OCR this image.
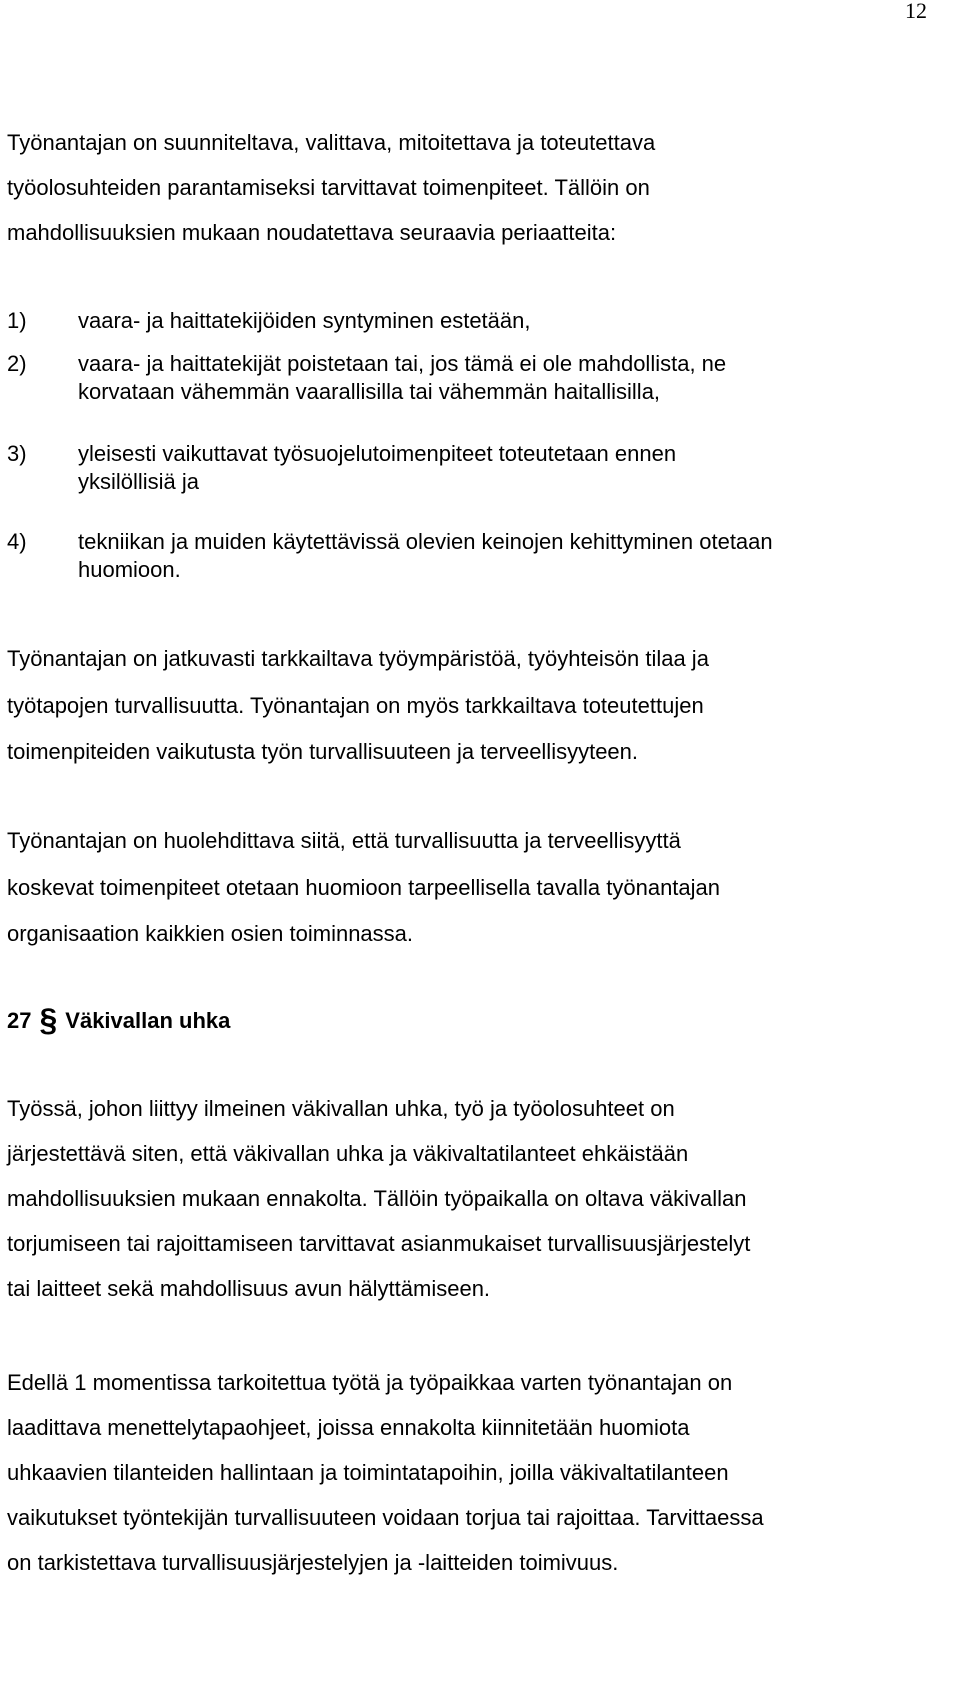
12
Työnantajan on suunniteltava, valittava, mitoitettava ja toteutettava
työolosuhteiden parantamiseksi tarvittavat toimenpiteet. Tällöin on
mahdollisuuksien mukaan noudatettava seuraavia periaatteita:
1) vaara- ja haittatekijöiden syntyminen estetään,
2) vaara- ja haittatekijät poistetaan tai, jos tämä ei ole mahdollista, ne
korvataan vähemmän vaarallisilla tai vähemmän haitallisilla,
3) yleisesti vaikuttavat työsuojelutoimenpiteet toteutetaan ennen
yksilöllisiä ja
4) tekniikan ja muiden käytettävissä olevien keinojen kehittyminen otetaan
huomioon.
Työnantajan on jatkuvasti tarkkailtava työympäristöä, työyhteisön tilaa ja
työtapojen turvallisuutta. Työnantajan on myös tarkkailtava toteutettujen
toimenpiteiden vaikutusta työn turvallisuuteen ja terveellisyyteen.
Työnantajan on huolehdittava siitä, että turvallisuutta ja terveellisyyttä
koskevat toimenpiteet otetaan huomioon tarpeellisella tavalla työnantajan
organisaation kaikkien osien toiminnassa.
27 § Väkivallan uhka
Työssä, johon liittyy ilmeinen väkivallan uhka, työ ja työolosuhteet on
järjestettävä siten, että väkivallan uhka ja väkivaltatilanteet ehkäistään
mahdollisuuksien mukaan ennakolta. Tällöin työpaikalla on oltava väkivallan
torjumiseen tai rajoittamiseen tarvittavat asianmukaiset turvallisuusjärjestelyt
tai laitteet sekä mahdollisuus avun hälyttämiseen.
Edellä 1 momentissa tarkoitettua työtä ja työpaikkaa varten työnantajan on
laadittava menettelytapaohjeet, joissa ennakolta kiinnitetään huomiota
uhkaavien tilanteiden hallintaan ja toimintatapoihin, joilla väkivaltatilanteen
vaikutukset työntekijän turvallisuuteen voidaan torjua tai rajoittaa. Tarvittaessa
on tarkistettava turvallisuusjärjestelyjen ja -laitteiden toimivuus.
